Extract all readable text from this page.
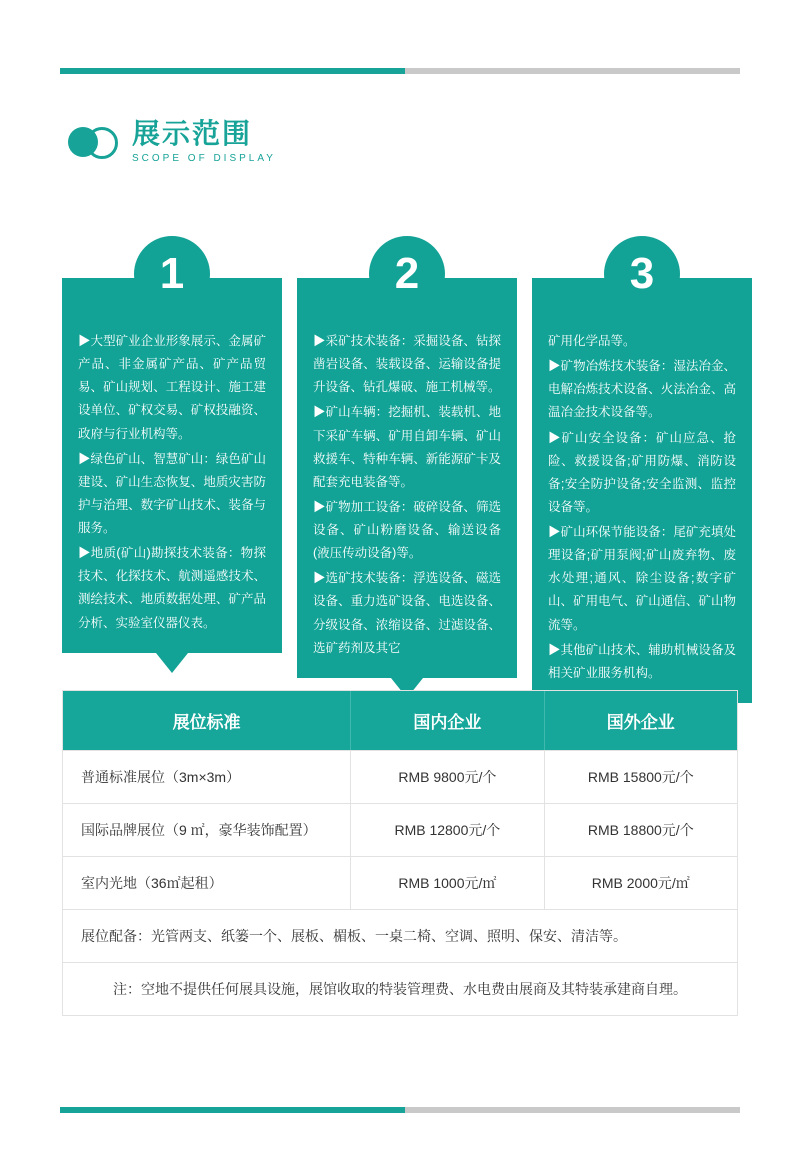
展示范围
SCOPE OF DISPLAY
1

▶大型矿业企业形象展示、金属矿产品、非金属矿产品、矿产品贸易、矿山规划、工程设计、施工建设单位、矿权交易、矿权投融资、政府与行业机构等。

▶绿色矿山、智慧矿山：绿色矿山建设、矿山生态恢复、地质灾害防护与治理、数字矿山技术、装备与服务。

▶地质(矿山)勘探技术装备：物探技术、化探技术、航测遥感技术、测绘技术、地质数据处理、矿产品分析、实验室仪器仪表。

2

▶采矿技术装备：采掘设备、钻探凿岩设备、装载设备、运输设备提升设备、钻孔爆破、施工机械等。

▶矿山车辆：挖掘机、装载机、地下采矿车辆、矿用自卸车辆、矿山救援车、特种车辆、新能源矿卡及配套充电装备等。

▶矿物加工设备：破碎设备、筛选设备、矿山粉磨设备、输送设备(液压传动设备)等。

▶选矿技术装备：浮选设备、磁选设备、重力选矿设备、电选设备、分级设备、浓缩设备、过滤设备、选矿药剂及其它

3

矿用化学品等。

▶矿物冶炼技术装备：湿法冶金、电解冶炼技术设备、火法冶金、高温冶金技术设备等。

▶矿山安全设备：矿山应急、抢险、救援设备;矿用防爆、消防设备;安全防护设备;安全监测、监控设备等。

▶矿山环保节能设备：尾矿充填处理设备;矿用泵阀;矿山废弃物、废水处理;通风、除尘设备;数字矿山、矿用电气、矿山通信、矿山物流等。

▶其他矿山技术、辅助机械设备及相关矿业服务机构。

展位标准	国内企业	国外企业
普通标准展位（3m×3m）	RMB 9800元/个	RMB 15800元/个
国际品牌展位（9 ㎡，豪华装饰配置）	RMB 12800元/个	RMB 18800元/个
室内光地（36㎡起租）	RMB 1000元/㎡	RMB 2000元/㎡
展位配备：光管两支、纸篓一个、展板、楣板、一桌二椅、空调、照明、保安、清洁等。
注：空地不提供任何展具设施，展馆收取的特装管理费、水电费由展商及其特装承建商自理。
